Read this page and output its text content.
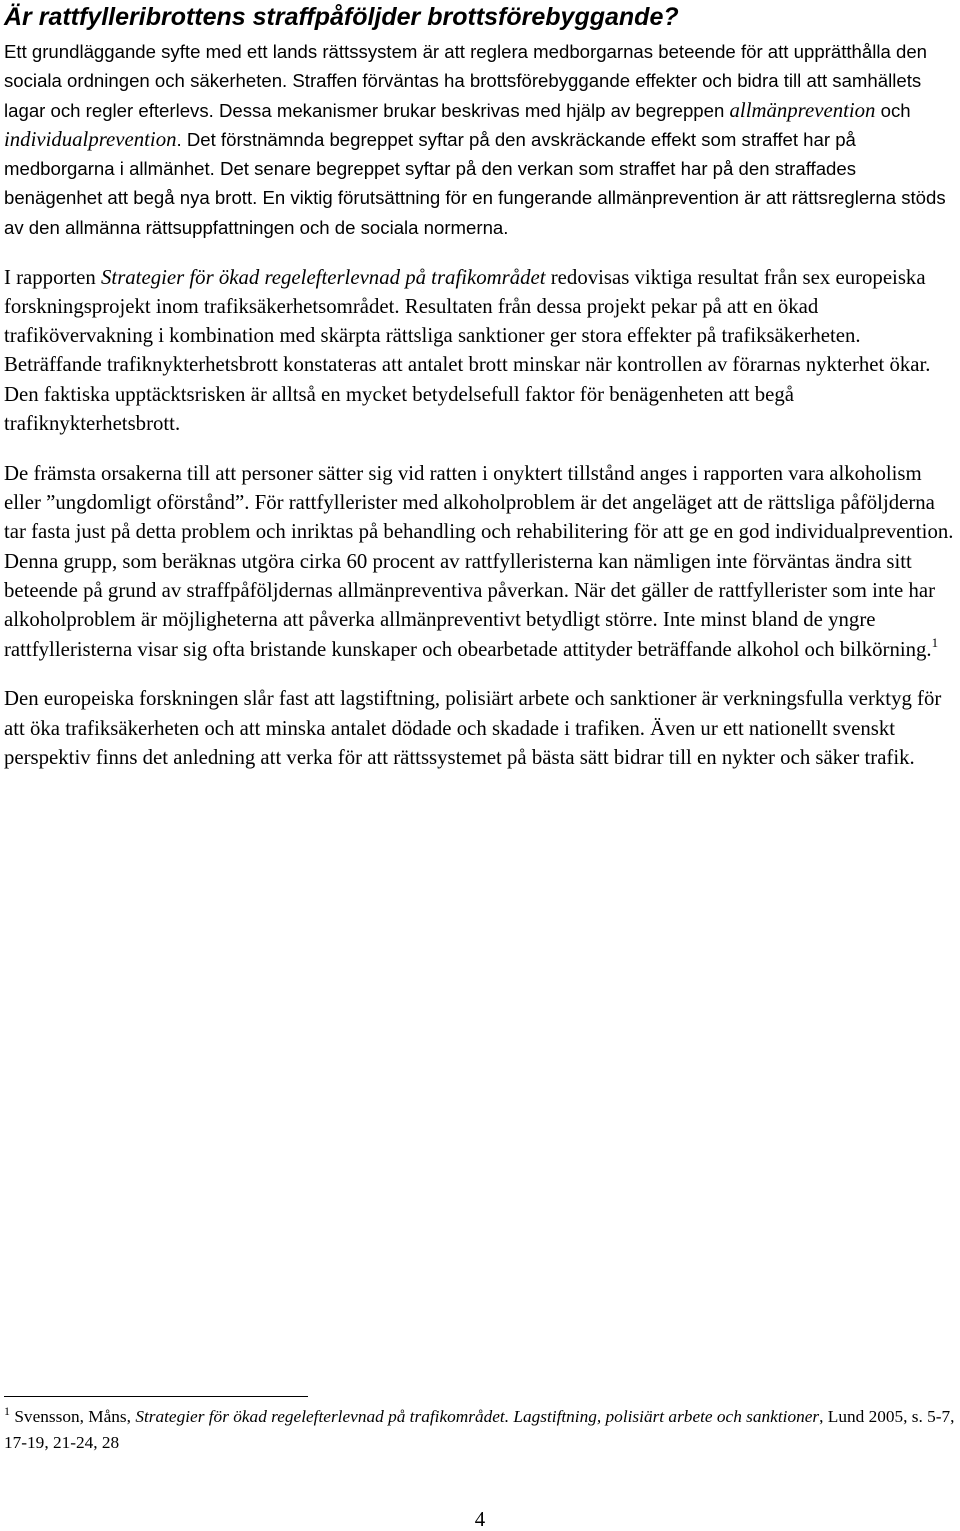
Är rattfylleribrottens straffpåföljder brottsförebyggande?

Ett grundläggande syfte med ett lands rättssystem är att reglera medborgarnas beteende för att upprätthålla den sociala ordningen och säkerheten. Straffen förväntas ha brottsförebyggande effekter och bidra till att samhällets lagar och regler efterlevs. Dessa mekanismer brukar beskrivas med hjälp av begreppen allmänprevention och individualprevention. Det förstnämnda begreppet syftar på den avskräckande effekt som straffet har på medborgarna i allmänhet. Det senare begreppet syftar på den verkan som straffet har på den straffades benägenhet att begå nya brott. En viktig förutsättning för en fungerande allmänprevention är att rättsreglerna stöds av den allmänna rättsuppfattningen och de sociala normerna.

I rapporten Strategier för ökad regelefterlevnad på trafikområdet redovisas viktiga resultat från sex europeiska forskningsprojekt inom trafiksäkerhetsområdet. Resultaten från dessa projekt pekar på att en ökad trafikövervakning i kombination med skärpta rättsliga sanktioner ger stora effekter på trafiksäkerheten. Beträffande trafiknykterhetsbrott konstateras att antalet brott minskar när kontrollen av förarnas nykterhet ökar. Den faktiska upptäcktsrisken är alltså en mycket betydelsefull faktor för benägenheten att begå trafiknykterhetsbrott.

De främsta orsakerna till att personer sätter sig vid ratten i onyktert tillstånd anges i rapporten vara alkoholism eller ”ungdomligt oförstånd”. För rattfyllerister med alkoholproblem är det angeläget att de rättsliga påföljderna tar fasta just på detta problem och inriktas på behandling och rehabilitering för att ge en god individualprevention. Denna grupp, som beräknas utgöra cirka 60 procent av rattfylleristerna kan nämligen inte förväntas ändra sitt beteende på grund av straffpåföljdernas allmänpreventiva påverkan. När det gäller de rattfyllerister som inte har alkoholproblem är möjligheterna att påverka allmänpreventivt betydligt större. Inte minst bland de yngre rattfylleristerna visar sig ofta bristande kunskaper och obearbetade attityder beträffande alkohol och bilkörning.$^1$

Den europeiska forskningen slår fast att lagstiftning, polisiärt arbete och sanktioner är verkningsfulla verktyg för att öka trafiksäkerheten och att minska antalet dödade och skadade i trafiken. Även ur ett nationellt svenskt perspektiv finns det anledning att verka för att rättssystemet på bästa sätt bidrar till en nykter och säker trafik.

$^1$ Svensson, Måns, Strategier för ökad regelefterlevnad på trafikområdet. Lagstiftning, polisiärt arbete och sanktioner, Lund 2005, s. 5-7, 17-19, 21-24, 28

4
